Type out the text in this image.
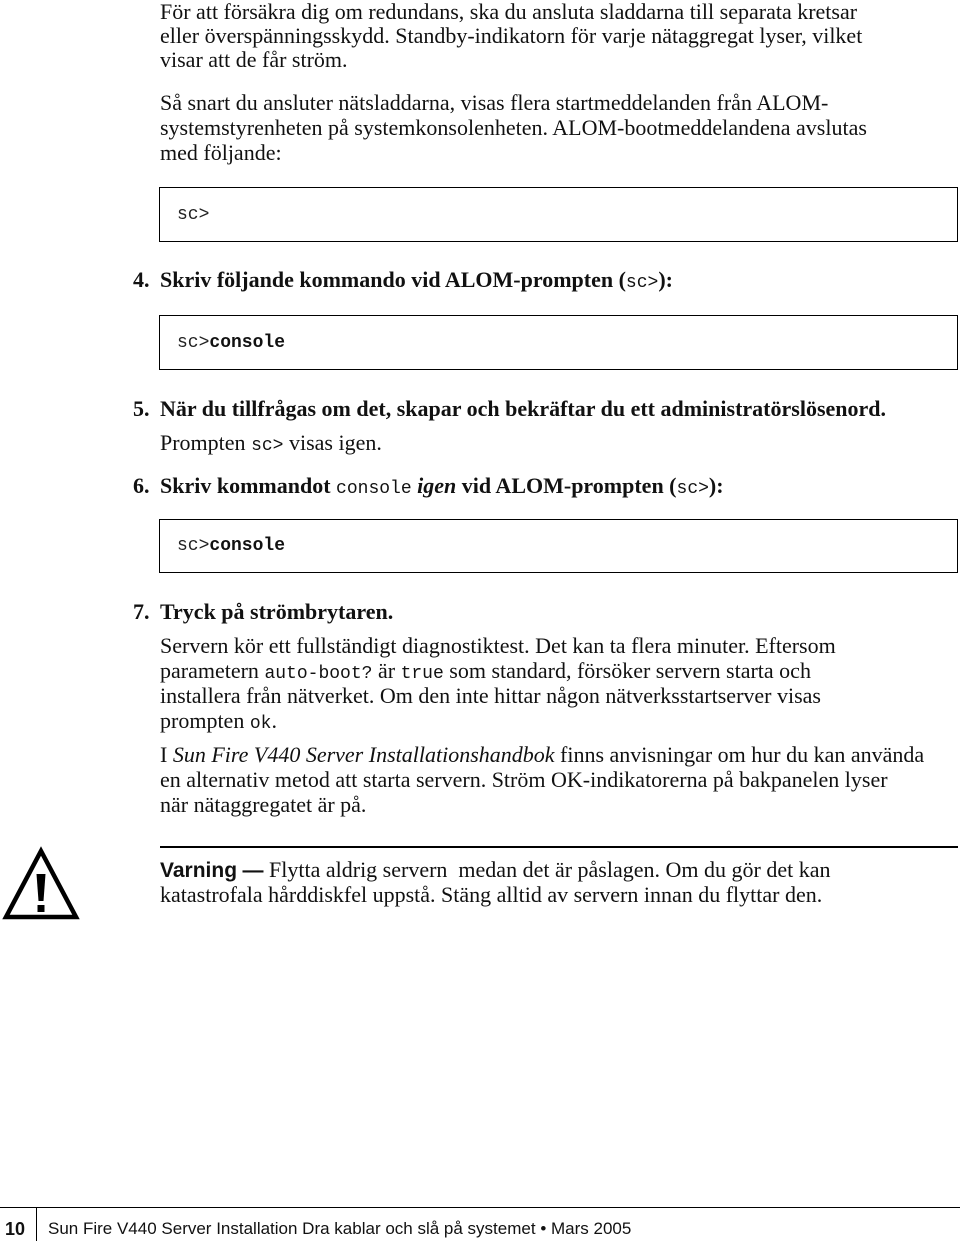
För att försäkra dig om redundans, ska du ansluta sladdarna till separata kretsar
eller överspänningsskydd. Standby-indikatorn för varje nätaggregat lyser, vilket
visar att de får ström.
Så snart du ansluter nätsladdarna, visas flera startmeddelanden från ALOM-
systemstyrenheten på systemkonsolenheten. ALOM-bootmeddelandena avslutas
med följande:
sc>
4. Skriv följande kommando vid ALOM-prompten (sc>):
sc> console
5. När du tillfrågas om det, skapar och bekräftar du ett administratörslösenord.
Prompten sc> visas igen.
6. Skriv kommandot console igen vid ALOM-prompten (sc>):
sc> console
7. Tryck på strömbrytaren.
Servern kör ett fullständigt diagnostiktest. Det kan ta flera minuter. Eftersom
parametern auto-boot? är true som standard, försöker servern starta och
installera från nätverket. Om den inte hittar någon nätverksstartserver visas
prompten ok.
I Sun Fire V440 Server Installationshandbok finns anvisningar om hur du kan använda
en alternativ metod att starta servern. Ström OK-indikatorerna på bakpanelen lyser
när nätaggregatet är på.
Varning — Flytta aldrig servern  medan det är påslagen. Om du gör det kan
katastrofala hårddiskfel uppstå. Stäng alltid av servern innan du flyttar den.
10 Sun Fire V440 Server Installation Dra kablar och slå på systemet • Mars 2005
